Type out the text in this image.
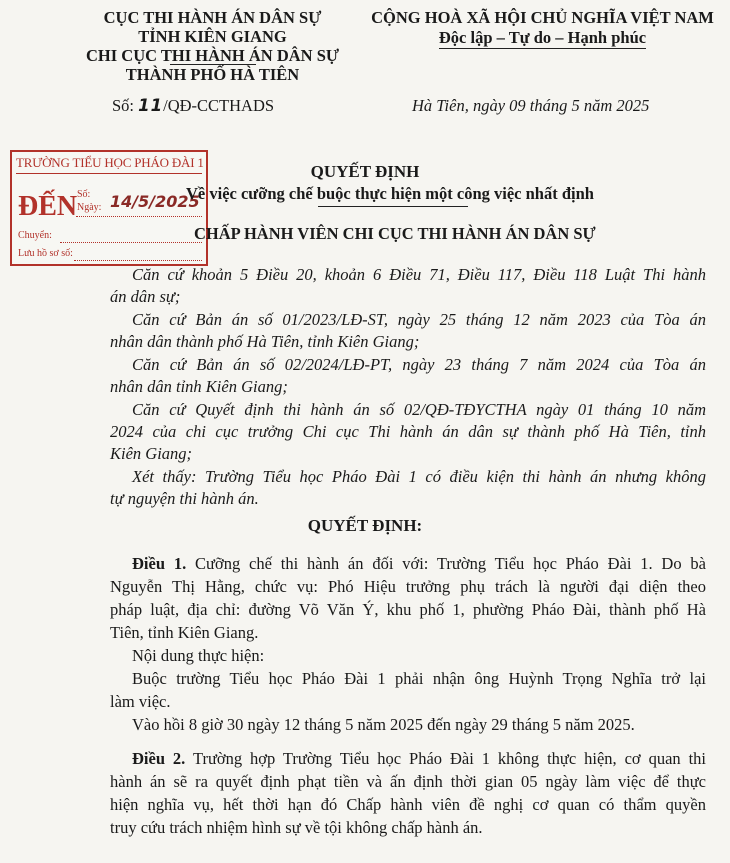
CỤC THI HÀNH ÁN DÂN SỰ
TỈNH KIÊN GIANG
CHI CỤC THI HÀNH ÁN DÂN SỰ
THÀNH PHỐ HÀ TIÊN
Số: 11/QĐ-CCTHADS
CỘNG HOÀ XÃ HỘI CHỦ NGHĨA VIỆT NAM
Độc lập – Tự do – Hạnh phúc
Hà Tiên, ngày 09 tháng 5 năm 2025
TRƯỜNG TIỂU HỌC PHÁO ĐÀI 1
ĐẾN Số:
Ngày: 14/5/2025
Chuyển:
Lưu hồ sơ số:
QUYẾT ĐỊNH
Về việc cưỡng chế buộc thực hiện một công việc nhất định
CHẤP HÀNH VIÊN CHI CỤC THI HÀNH ÁN DÂN SỰ
Căn cứ khoản 5 Điều 20, khoản 6 Điều 71, Điều 117, Điều 118 Luật Thi hành
án dân sự;
Căn cứ Bản án số 01/2023/LĐ-ST, ngày 25 tháng 12 năm 2023 của Tòa án
nhân dân thành phố Hà Tiên, tỉnh Kiên Giang;
Căn cứ Bản án số 02/2024/LĐ-PT, ngày 23 tháng 7 năm 2024 của Tòa án
nhân dân tỉnh Kiên Giang;
Căn cứ Quyết định thi hành án số 02/QĐ-TĐYCTHA ngày 01 tháng 10 năm
2024 của chi cục trưởng Chi cục Thi hành án dân sự thành phố Hà Tiên, tỉnh
Kiên Giang;
Xét thấy: Trường Tiểu học Pháo Đài 1 có điều kiện thi hành án nhưng không
tự nguyện thi hành án.
QUYẾT ĐỊNH:
Điều 1. Cưỡng chế thi hành án đối với: Trường Tiểu học Pháo Đài 1. Do bà
Nguyễn Thị Hằng, chức vụ: Phó Hiệu trưởng phụ trách là người đại diện theo
pháp luật, địa chỉ: đường Võ Văn Ý, khu phố 1, phường Pháo Đài, thành phố Hà
Tiên, tỉnh Kiên Giang.
Nội dung thực hiện:
Buộc trường Tiểu học Pháo Đài 1 phải nhận ông Huỳnh Trọng Nghĩa trở lại
làm việc.
Vào hồi 8 giờ 30 ngày 12 tháng 5 năm 2025 đến ngày 29 tháng 5 năm 2025.
Điều 2. Trường hợp Trường Tiểu học Pháo Đài 1 không thực hiện, cơ quan thi
hành án sẽ ra quyết định phạt tiền và ấn định thời gian 05 ngày làm việc để thực
hiện nghĩa vụ, hết thời hạn đó Chấp hành viên đề nghị cơ quan có thẩm quyền
truy cứu trách nhiệm hình sự về tội không chấp hành án.
